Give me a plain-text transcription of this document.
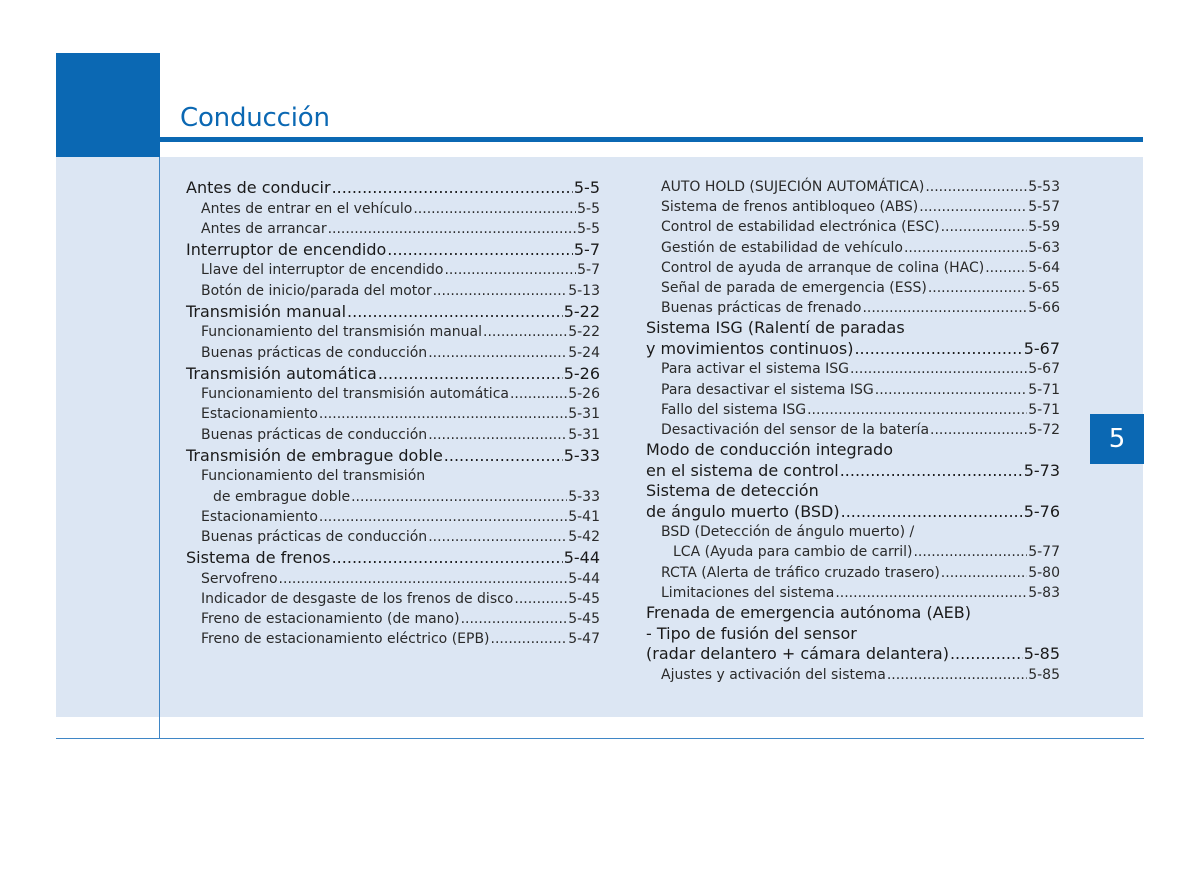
Conducción
5
Antes de conducir .....	5-5
Antes de entrar en el vehículo .....	5-5
Antes de arrancar .....	5-5
Interruptor de encendido .....	5-7
Llave del interruptor de encendido .....	5-7
Botón de inicio/parada del motor .....	5-13
Transmisión manual .....	5-22
Funcionamiento del transmisión manual .....	5-22
Buenas prácticas de conducción .....	5-24
Transmisión automática .....	5-26
Funcionamiento del transmisión automática .....	5-26
Estacionamiento .....	5-31
Buenas prácticas de conducción .....	5-31
Transmisión de embrague doble .....	5-33
Funcionamiento del transmisión
de embrague doble .....	5-33
Estacionamiento .....	5-41
Buenas prácticas de conducción .....	5-42
Sistema de frenos .....	5-44
Servofreno .....	5-44
Indicador de desgaste de los frenos de disco .....	5-45
Freno de estacionamiento (de mano) .....	5-45
Freno de estacionamiento eléctrico (EPB) .....	5-47
AUTO HOLD (SUJECIÓN AUTOMÁTICA) .....	5-53
Sistema de frenos antibloqueo (ABS) .....	5-57
Control de estabilidad electrónica (ESC) .....	5-59
Gestión de estabilidad de vehículo .....	5-63
Control de ayuda de arranque de colina (HAC) .....	5-64
Señal de parada de emergencia (ESS) .....	5-65
Buenas prácticas de frenado .....	5-66
Sistema ISG (Ralentí de paradas
y movimientos continuos) .....	5-67
Para activar el sistema ISG .....	5-67
Para desactivar el sistema ISG .....	5-71
Fallo del sistema ISG .....	5-71
Desactivación del sensor de la batería .....	5-72
Modo de conducción integrado
en el sistema de control .....	5-73
Sistema de detección
de ángulo muerto (BSD) .....	5-76
BSD (Detección de ángulo muerto) /
LCA (Ayuda para cambio de carril) .....	5-77
RCTA (Alerta de tráfico cruzado trasero) .....	5-80
Limitaciones del sistema .....	5-83
Frenada de emergencia autónoma (AEB)
- Tipo de fusión del sensor
(radar delantero + cámara delantera) .....	5-85
Ajustes y activación del sistema .....	5-85
